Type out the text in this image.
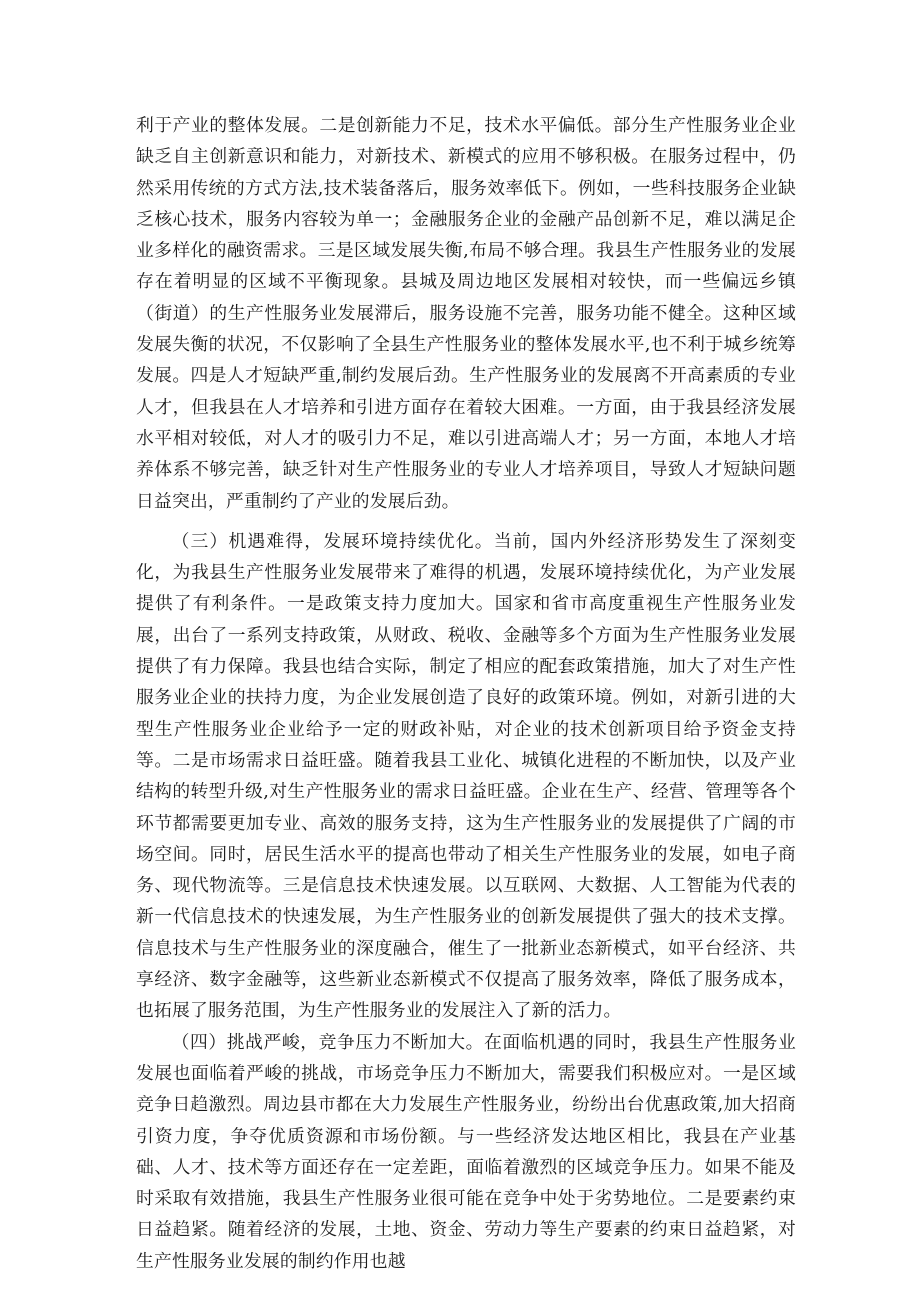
利于产业的整体发展。二是创新能力不足，技术水平偏低。部分生产性服务业企业缺乏自主创新意识和能力，对新技术、新模式的应用不够积极。在服务过程中，仍然采用传统的方式方法,技术装备落后，服务效率低下。例如，一些科技服务企业缺乏核心技术，服务内容较为单一；金融服务企业的金融产品创新不足，难以满足企业多样化的融资需求。三是区域发展失衡,布局不够合理。我县生产性服务业的发展存在着明显的区域不平衡现象。县城及周边地区发展相对较快，而一些偏远乡镇（街道）的生产性服务业发展滞后，服务设施不完善，服务功能不健全。这种区域发展失衡的状况，不仅影响了全县生产性服务业的整体发展水平,也不利于城乡统筹发展。四是人才短缺严重,制约发展后劲。生产性服务业的发展离不开高素质的专业人才，但我县在人才培养和引进方面存在着较大困难。一方面，由于我县经济发展水平相对较低，对人才的吸引力不足，难以引进高端人才；另一方面，本地人才培养体系不够完善，缺乏针对生产性服务业的专业人才培养项目，导致人才短缺问题日益突出，严重制约了产业的发展后劲。

（三）机遇难得，发展环境持续优化。当前，国内外经济形势发生了深刻变化，为我县生产性服务业发展带来了难得的机遇，发展环境持续优化，为产业发展提供了有利条件。一是政策支持力度加大。国家和省市高度重视生产性服务业发展，出台了一系列支持政策，从财政、税收、金融等多个方面为生产性服务业发展提供了有力保障。我县也结合实际，制定了相应的配套政策措施，加大了对生产性服务业企业的扶持力度，为企业发展创造了良好的政策环境。例如，对新引进的大型生产性服务业企业给予一定的财政补贴，对企业的技术创新项目给予资金支持等。二是市场需求日益旺盛。随着我县工业化、城镇化进程的不断加快，以及产业结构的转型升级,对生产性服务业的需求日益旺盛。企业在生产、经营、管理等各个环节都需要更加专业、高效的服务支持，这为生产性服务业的发展提供了广阔的市场空间。同时，居民生活水平的提高也带动了相关生产性服务业的发展，如电子商务、现代物流等。三是信息技术快速发展。以互联网、大数据、人工智能为代表的新一代信息技术的快速发展，为生产性服务业的创新发展提供了强大的技术支撑。信息技术与生产性服务业的深度融合，催生了一批新业态新模式，如平台经济、共享经济、数字金融等，这些新业态新模式不仅提高了服务效率，降低了服务成本，也拓展了服务范围，为生产性服务业的发展注入了新的活力。

（四）挑战严峻，竞争压力不断加大。在面临机遇的同时，我县生产性服务业发展也面临着严峻的挑战，市场竞争压力不断加大，需要我们积极应对。一是区域竞争日趋激烈。周边县市都在大力发展生产性服务业，纷纷出台优惠政策,加大招商引资力度，争夺优质资源和市场份额。与一些经济发达地区相比，我县在产业基础、人才、技术等方面还存在一定差距，面临着激烈的区域竞争压力。如果不能及时采取有效措施，我县生产性服务业很可能在竞争中处于劣势地位。二是要素约束日益趋紧。随着经济的发展，土地、资金、劳动力等生产要素的约束日益趋紧，对生产性服务业发展的制约作用也越
